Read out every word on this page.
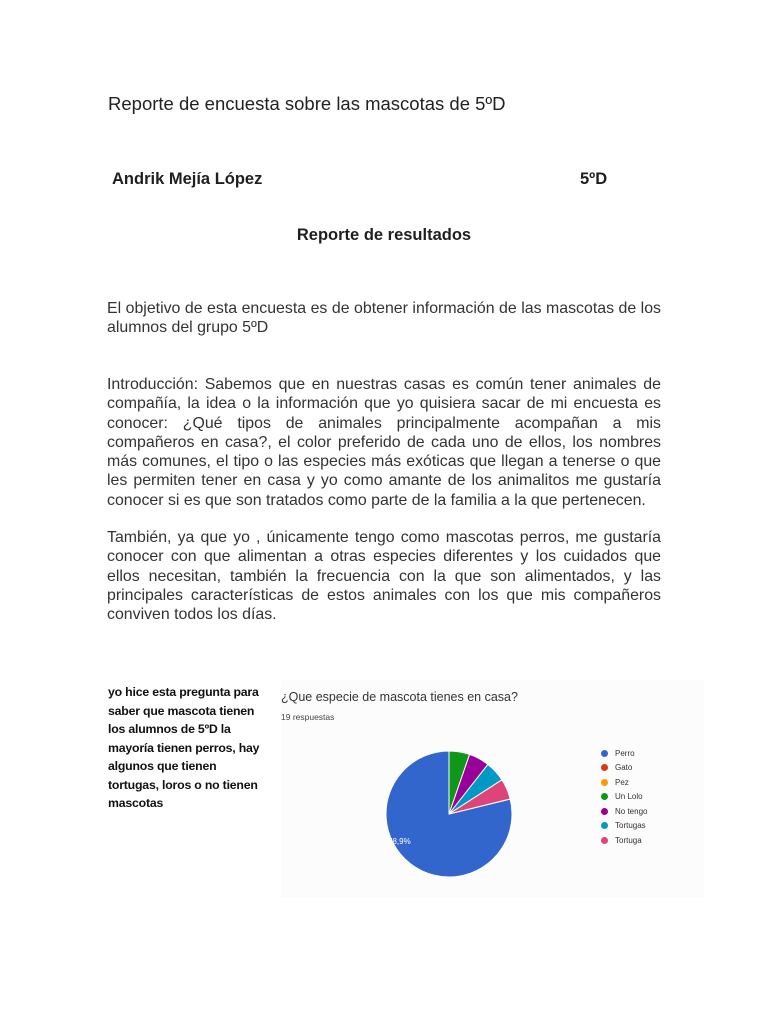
Reporte de encuesta sobre las mascotas de 5ºD
Andrik Mejía López	5ºD
Reporte de resultados
El objetivo de esta encuesta es de obtener información de las mascotas de los alumnos del grupo 5ºD
Introducción: Sabemos que en nuestras casas es común tener animales de compañía, la idea o la información que yo quisiera sacar de mi encuesta es conocer: ¿Qué tipos de animales principalmente acompañan a mis compañeros en casa?, el color preferido de cada uno de ellos, los nombres más comunes, el tipo o las especies más exóticas que llegan a tenerse o que les permiten tener en casa y yo como amante de los animalitos me gustaría conocer si es que son tratados como parte de la familia a la que pertenecen.
También, ya que yo , únicamente tengo como mascotas perros, me gustaría conocer con que alimentan a otras especies diferentes y los cuidados que ellos necesitan, también la frecuencia con la que son alimentados, y las principales características de estos animales con los que mis compañeros conviven todos los días.
yo hice esta pregunta para saber que mascota tienen los alumnos de 5ºD la mayoría tienen perros, hay algunos que tienen tortugas, loros o no tienen mascotas
78,9%
¿Que especie de mascota tienes en casa?
19 respuestas
Perro
Gato
Pez
Un Lolo
No tengo
Tortugas
Tortuga
